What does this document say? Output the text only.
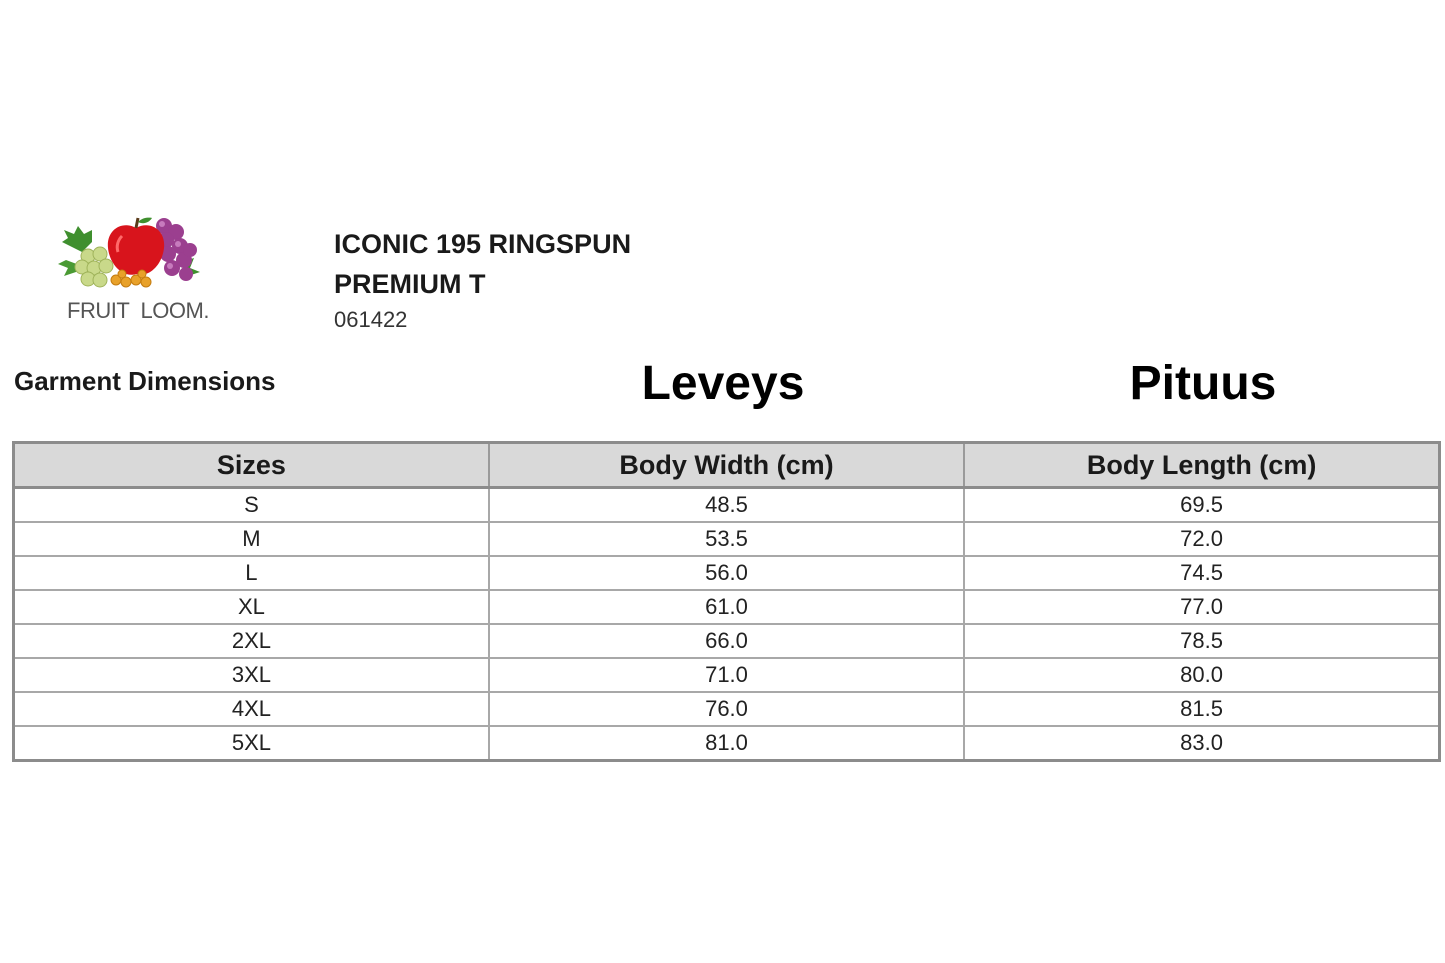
FRUIT  LOOM.
ICONIC 195 RINGSPUN
PREMIUM T
061422
Garment Dimensions	Leveys	Pituus
Sizes	Body Width (cm)	Body Length (cm)
S	48.5	69.5
M	53.5	72.0
L	56.0	74.5
XL	61.0	77.0
2XL	66.0	78.5
3XL	71.0	80.0
4XL	76.0	81.5
5XL	81.0	83.0
